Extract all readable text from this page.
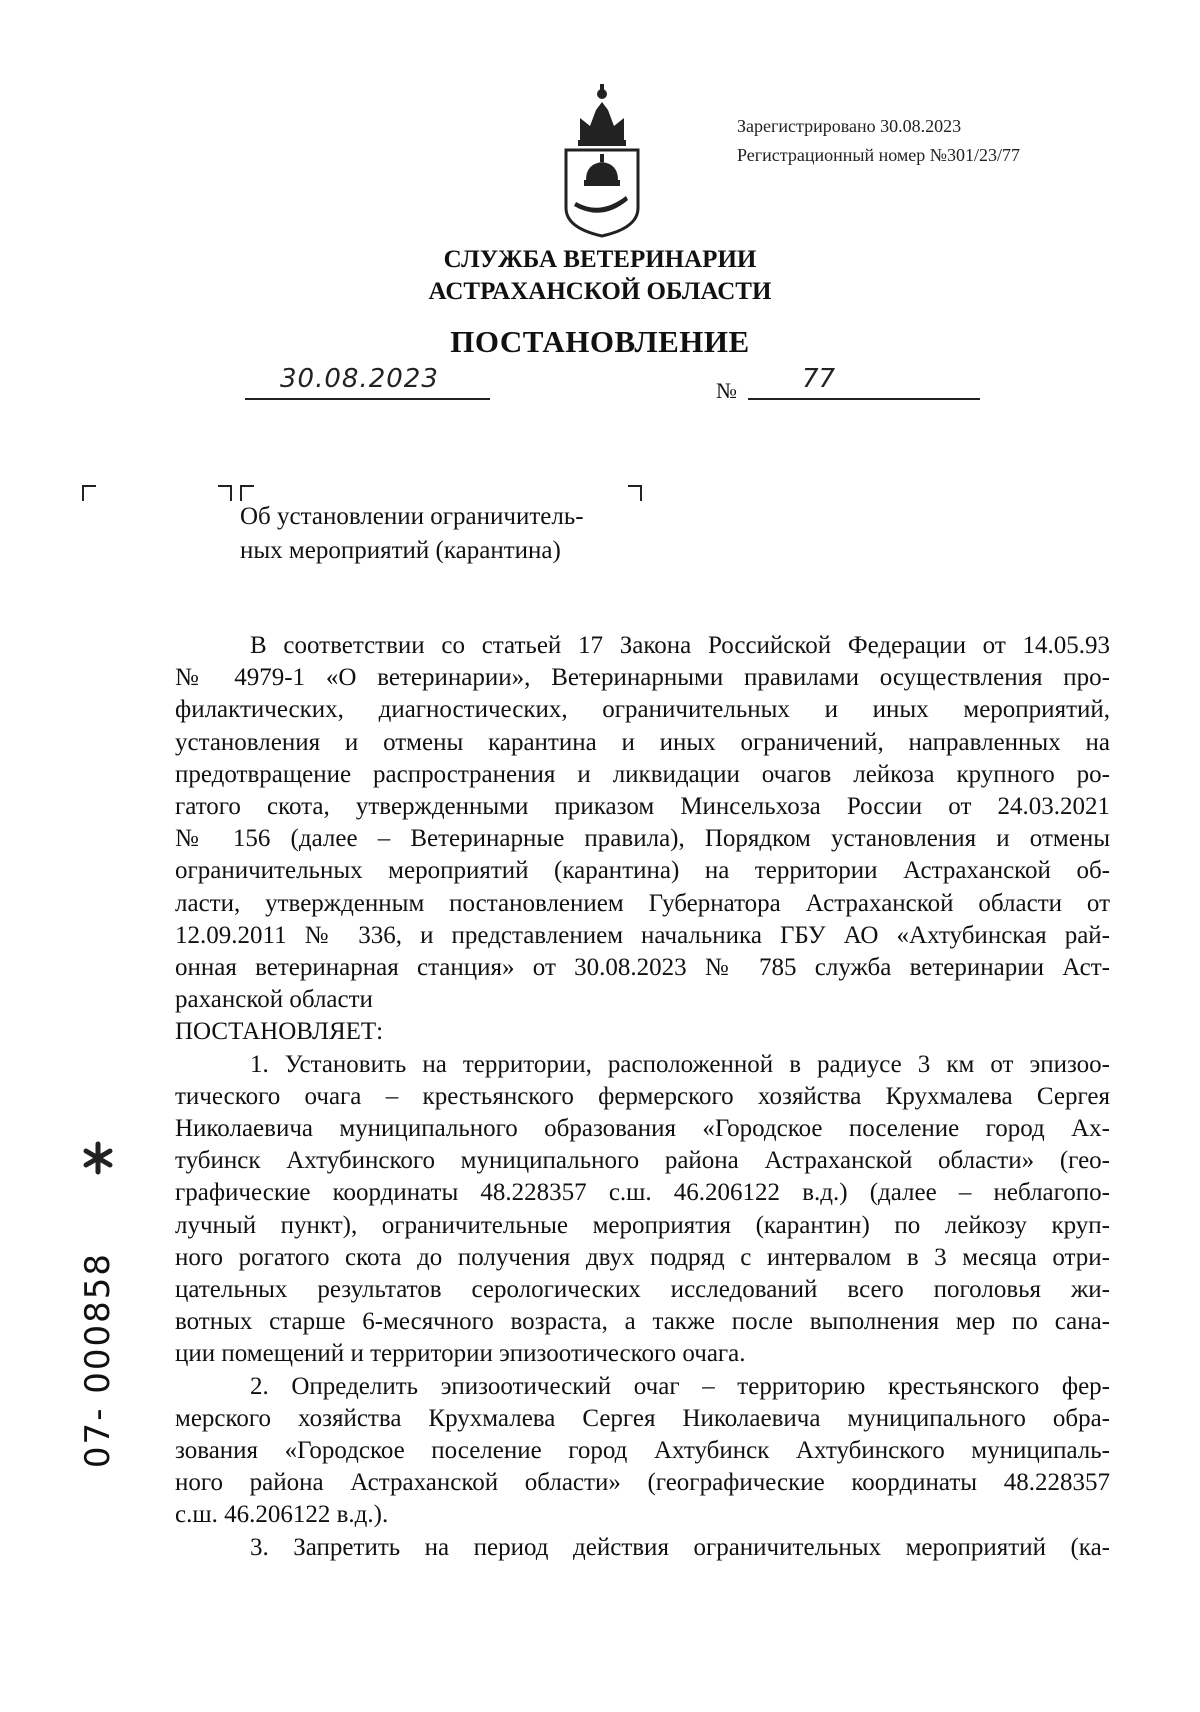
Зарегистрировано 30.08.2023
Регистрационный номер №301/23/77
СЛУЖБА ВЕТЕРИНАРИИ
АСТРАХАНСКОЙ ОБЛАСТИ
ПОСТАНОВЛЕНИЕ
30.08.2023	№	77
Об установлении ограничитель-
ных мероприятий (карантина)
В соответствии со статьей 17 Закона Российской Федерации от 14.05.93
№ 4979-1 «О ветеринарии», Ветеринарными правилами осуществления про-
филактических, диагностических, ограничительных и иных мероприятий,
установления и отмены карантина и иных ограничений, направленных на
предотвращение распространения и ликвидации очагов лейкоза крупного ро-
гатого скота, утвержденными приказом Минсельхоза России от 24.03.2021
№ 156 (далее – Ветеринарные правила), Порядком установления и отмены
ограничительных мероприятий (карантина) на территории Астраханской об-
ласти, утвержденным постановлением Губернатора Астраханской области от
12.09.2011 № 336, и представлением начальника ГБУ АО «Ахтубинская рай-
онная ветеринарная станция» от 30.08.2023 № 785 служба ветеринарии Аст-
раханской области
ПОСТАНОВЛЯЕТ:
1. Установить на территории, расположенной в радиусе 3 км от эпизоо-
тического очага – крестьянского фермерского хозяйства Крухмалева Сергея
Николаевича муниципального образования «Городское поселение город Ах-
тубинск Ахтубинского муниципального района Астраханской области» (гео-
графические координаты 48.228357 с.ш. 46.206122 в.д.) (далее – неблагопо-
лучный пункт), ограничительные мероприятия (карантин) по лейкозу круп-
ного рогатого скота до получения двух подряд с интервалом в 3 месяца отри-
цательных результатов серологических исследований всего поголовья жи-
вотных старше 6-месячного возраста, а также после выполнения мер по сана-
ции помещений и территории эпизоотического очага.
2. Определить эпизоотический очаг – территорию крестьянского фер-
мерского хозяйства Крухмалева Сергея Николаевича муниципального обра-
зования «Городское поселение город Ахтубинск Ахтубинского муниципаль-
ного района Астраханской области» (географические координаты 48.228357
с.ш. 46.206122 в.д.).
3. Запретить на период действия ограничительных мероприятий (ка-
07- 000858
